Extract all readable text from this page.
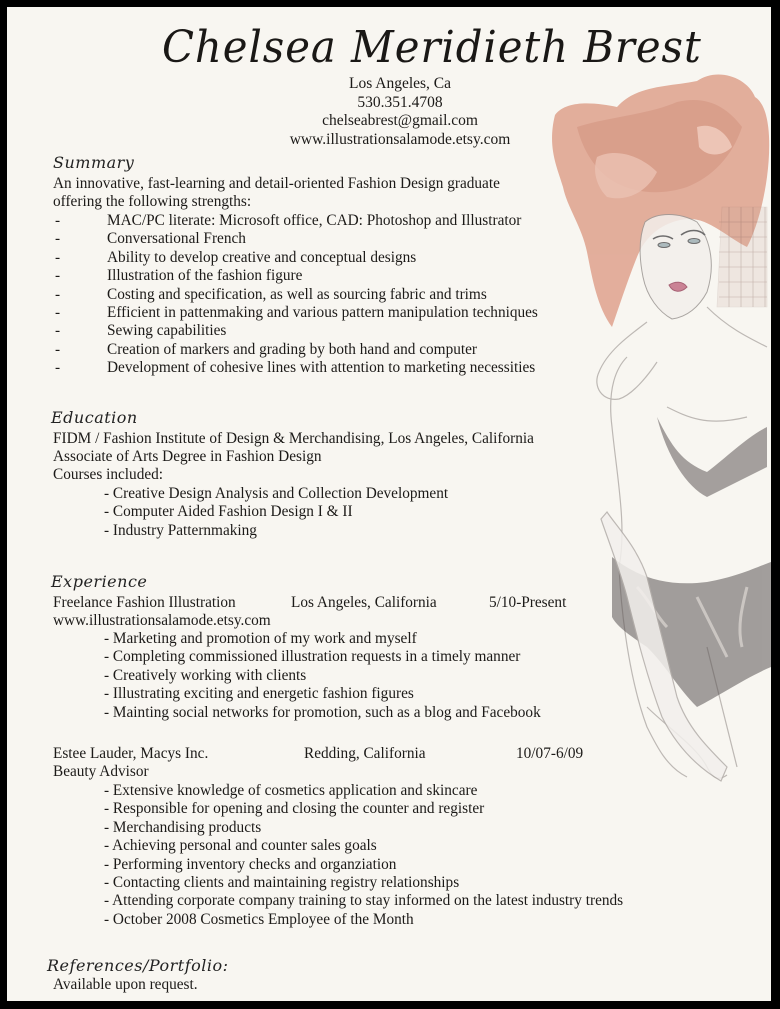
Chelsea Meridieth Brest
Los Angeles, Ca
530.351.4708
chelseabrest@gmail.com
www.illustrationsalamode.etsy.com
Summary
An innovative, fast-learning and detail-oriented Fashion Design graduate
offering the following strengths:
-	MAC/PC literate: Microsoft office, CAD: Photoshop and Illustrator
-	Conversational French
-	Ability to develop creative and conceptual designs
-	Illustration of the fashion figure
-	Costing and specification, as well as sourcing fabric and trims
-	Efficient in pattenmaking and various pattern manipulation techniques
-	Sewing capabilities
-	Creation of markers and grading by both hand and computer
-	Development of cohesive lines with attention to marketing necessities
Education
FIDM / Fashion Institute of Design & Merchandising, Los Angeles, California
Associate of Arts Degree in Fashion Design
Courses included:
- Creative Design Analysis and Collection Development
- Computer Aided Fashion Design I & II
- Industry Patternmaking
Experience
Freelance Fashion Illustration	Los Angeles, California	5/10-Present
www.illustrationsalamode.etsy.com
- Marketing and promotion of my work and myself
- Completing commissioned illustration requests in a timely manner
- Creatively working with clients
- Illustrating exciting and energetic fashion figures
- Mainting social networks for promotion, such as a blog and Facebook
Estee Lauder, Macys Inc.	Redding, California	10/07-6/09
Beauty Advisor
- Extensive knowledge of cosmetics application and skincare
- Responsible for opening and closing the counter and register
- Merchandising products
- Achieving personal and counter sales goals
- Performing inventory checks and organziation
- Contacting clients and maintaining registry relationships
- Attending corporate company training to stay informed on the latest industry trends
- October 2008 Cosmetics Employee of the Month
References/Portfolio:
Available upon request.
